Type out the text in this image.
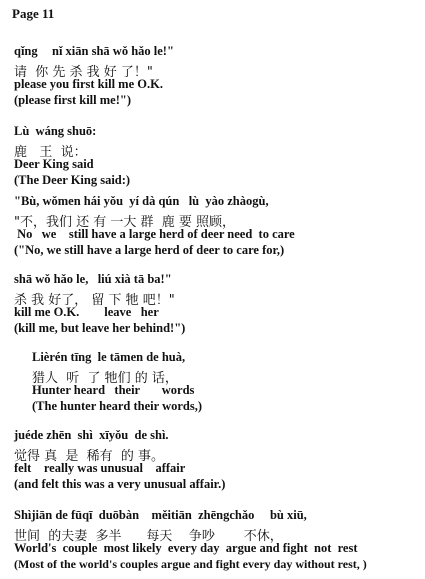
Page 11

qǐng

nǐ xiān shā wǒ hǎo le!"

请  你 先 杀 我 好 了！"
please you first kill me O.K.
(please first kill me!")
Lù  wáng shuō:
鹿   王  说：
Deer King said
(The Deer King said:)
"Bù, wǒmen hái yǒu  yí dà qún   lù  yào zhàogù,
"不，我们 还 有 一大 群  鹿 要 照顾，
No   we    still have a large herd of deer need  to care
("No, we still have a large herd of deer to care for,)
shā wǒ hǎo le,   liú xià tā ba!"
杀 我 好了， 留 下 牠 吧！"
kill me O.K.        leave   her
(kill me, but leave her behind!")
Lièrén tīng  le tāmen de huà,
猎人  听  了 牠们 的 话，
Hunter heard   their       words
(The hunter heard their words,)
juéde zhēn  shì  xīyǒu  de shì.
觉得 真  是  稀有  的 事。
felt    really was unusual    affair
(and felt this was a very unusual affair.)
Shìjiān de fūqī  duōbàn    měitiān  zhēngchǎo     bù xiū,
世间  的夫妻  多半      每天    争吵       不休，
World's  couple  most likely  every day  argue and fight  not  rest
(Most of the world's couples argue and fight every day without rest, )
